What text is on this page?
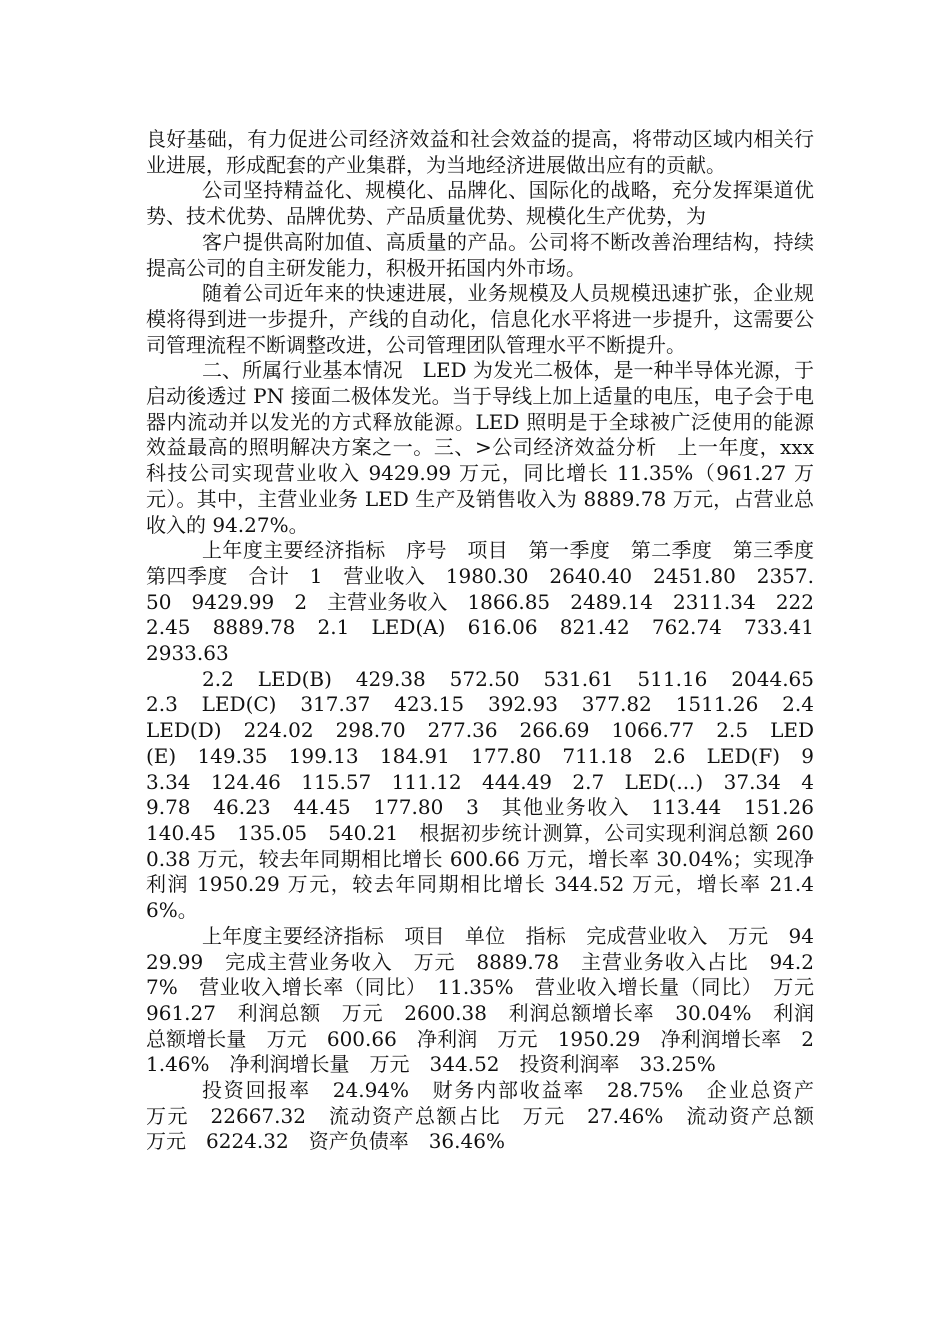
良好基础，有力促进公司经济效益和社会效益的提高，将带动区域内相关行业进展，形成配套的产业集群，为当地经济进展做出应有的贡献。

公司坚持精益化、规模化、品牌化、国际化的战略，充分发挥渠道优势、技术优势、品牌优势、产品质量优势、规模化生产优势，为

客户提供高附加值、高质量的产品。公司将不断改善治理结构，持续提高公司的自主研发能力，积极开拓国内外市场。

随着公司近年来的快速进展，业务规模及人员规模迅速扩张，企业规模将得到进一步提升，产线的自动化，信息化水平将进一步提升，这需要公司管理流程不断调整改进，公司管理团队管理水平不断提升。

二、所属行业基本情况　LED 为发光二极体，是一种半导体光源，于启动後透过 PN 接面二极体发光。当于导线上加上适量的电压，电子会于电器内流动并以发光的方式释放能源。LED 照明是于全球被广泛使用的能源效益最高的照明解决方案之一。三、>公司经济效益分析　上一年度，xxx 科技公司实现营业收入 9429.99 万元，同比增长 11.35%（961.27 万元）。其中，主营业业务 LED 生产及销售收入为 8889.78 万元，占营业总收入的 94.27%。

上年度主要经济指标　序号　项目　第一季度　第二季度　第三季度　第四季度　合计　1　营业收入　1980.30　2640.40　2451.80　2357.50　9429.99　2　主营业务收入　1866.85　2489.14　2311.34　2222.45　8889.78　2.1　LED(A)　616.06　821.42　762.74　733.41　2933.63

2.2　LED(B)　429.38　572.50　531.61　511.16　2044.65　2.3　LED(C)　317.37　423.15　392.93　377.82　1511.26　2.4　LED(D)　224.02　298.70　277.36　266.69　1066.77　2.5　LED(E)　149.35　199.13　184.91　177.80　711.18　2.6　LED(F)　93.34　124.46　115.57　111.12　444.49　2.7　LED(...)　37.34　49.78　46.23　44.45　177.80　3　其他业务收入　113.44　151.26　140.45　135.05　540.21　根据初步统计测算，公司实现利润总额 2600.38 万元，较去年同期相比增长 600.66 万元，增长率 30.04%；实现净利润 1950.29 万元，较去年同期相比增长 344.52 万元，增长率 21.46%。

上年度主要经济指标　项目　单位　指标　完成营业收入　万元　9429.99　完成主营业务收入　万元　8889.78　主营业务收入占比　94.27%　营业收入增长率（同比）　11.35%　营业收入增长量（同比）　万元　961.27　利润总额　万元　2600.38　利润总额增长率　30.04%　利润总额增长量　万元　600.66　净利润　万元　1950.29　净利润增长率　21.46%　净利润增长量　万元　344.52　投资利润率　33.25%

投资回报率　24.94%　财务内部收益率　28.75%　企业总资产　万元　22667.32　流动资产总额占比　万元　27.46%　流动资产总额　万元　6224.32　资产负债率　36.46%
